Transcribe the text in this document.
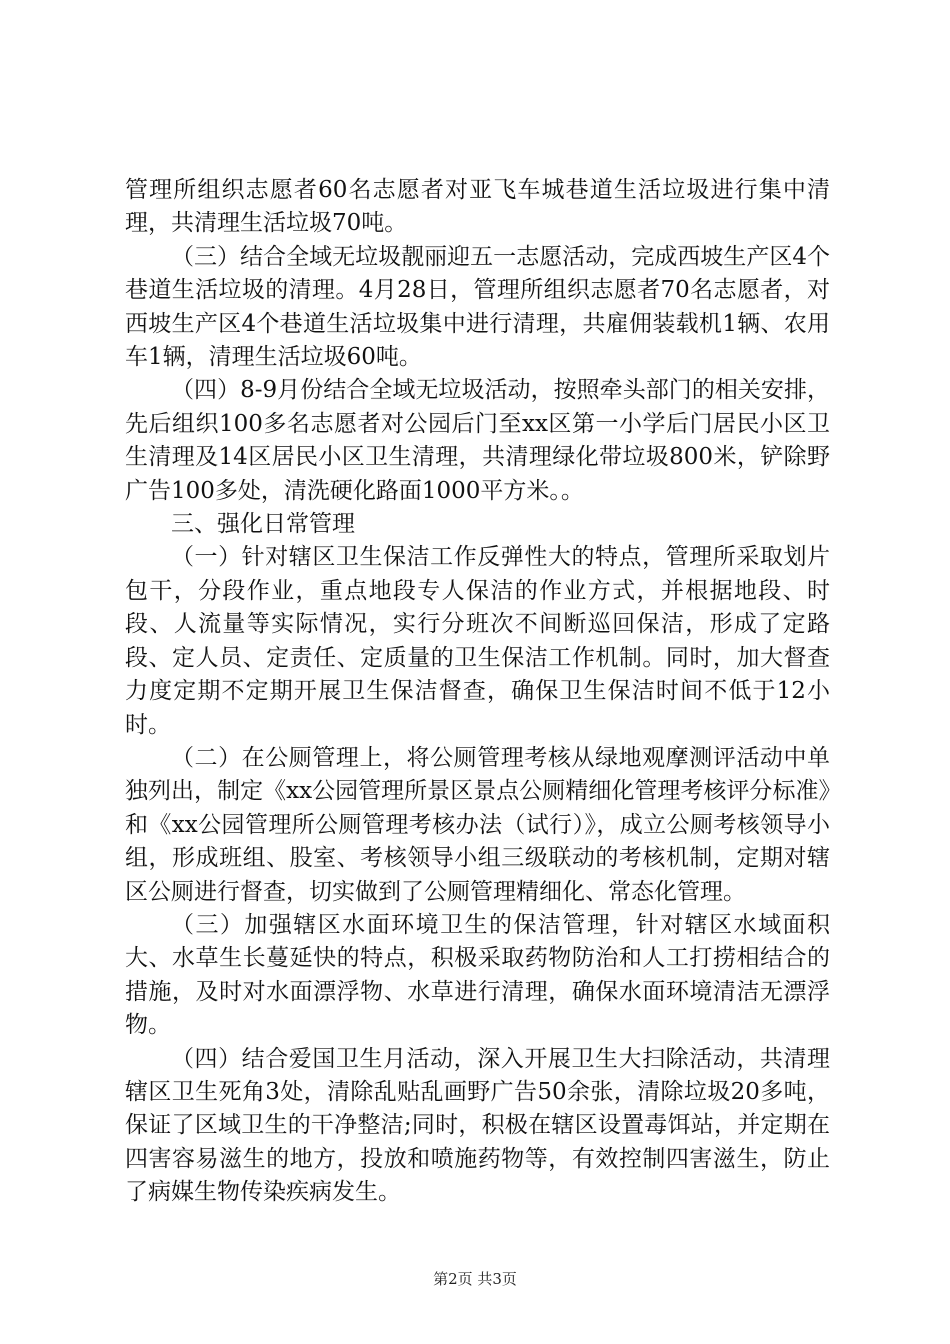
管理所组织志愿者60名志愿者对亚飞车城巷道生活垃圾进行集中清理，共清理生活垃圾70吨。

（三）结合全域无垃圾靓丽迎五一志愿活动，完成西坡生产区4个巷道生活垃圾的清理。4月28日，管理所组织志愿者70名志愿者，对西坡生产区4个巷道生活垃圾集中进行清理，共雇佣装载机1辆、农用车1辆，清理生活垃圾60吨。

（四）8-9月份结合全域无垃圾活动，按照牵头部门的相关安排，先后组织100多名志愿者对公园后门至xx区第一小学后门居民小区卫生清理及14区居民小区卫生清理，共清理绿化带垃圾800米，铲除野广告100多处，清洗硬化路面1000平方米。。

三、强化日常管理

（一）针对辖区卫生保洁工作反弹性大的特点，管理所采取划片包干，分段作业，重点地段专人保洁的作业方式，并根据地段、时段、人流量等实际情况，实行分班次不间断巡回保洁，形成了定路段、定人员、定责任、定质量的卫生保洁工作机制。同时，加大督查力度定期不定期开展卫生保洁督查，确保卫生保洁时间不低于12小时。

（二）在公厕管理上，将公厕管理考核从绿地观摩测评活动中单独列出，制定《xx公园管理所景区景点公厕精细化管理考核评分标准》和《xx公园管理所公厕管理考核办法（试行）》，成立公厕考核领导小组，形成班组、股室、考核领导小组三级联动的考核机制，定期对辖区公厕进行督查，切实做到了公厕管理精细化、常态化管理。

（三）加强辖区水面环境卫生的保洁管理，针对辖区水域面积大、水草生长蔓延快的特点，积极采取药物防治和人工打捞相结合的措施，及时对水面漂浮物、水草进行清理，确保水面环境清洁无漂浮物。

（四）结合爱国卫生月活动，深入开展卫生大扫除活动，共清理辖区卫生死角3处，清除乱贴乱画野广告50余张，清除垃圾20多吨，保证了区域卫生的干净整洁;同时，积极在辖区设置毒饵站，并定期在四害容易滋生的地方，投放和喷施药物等，有效控制四害滋生，防止了病媒生物传染疾病发生。

第2页 共3页
